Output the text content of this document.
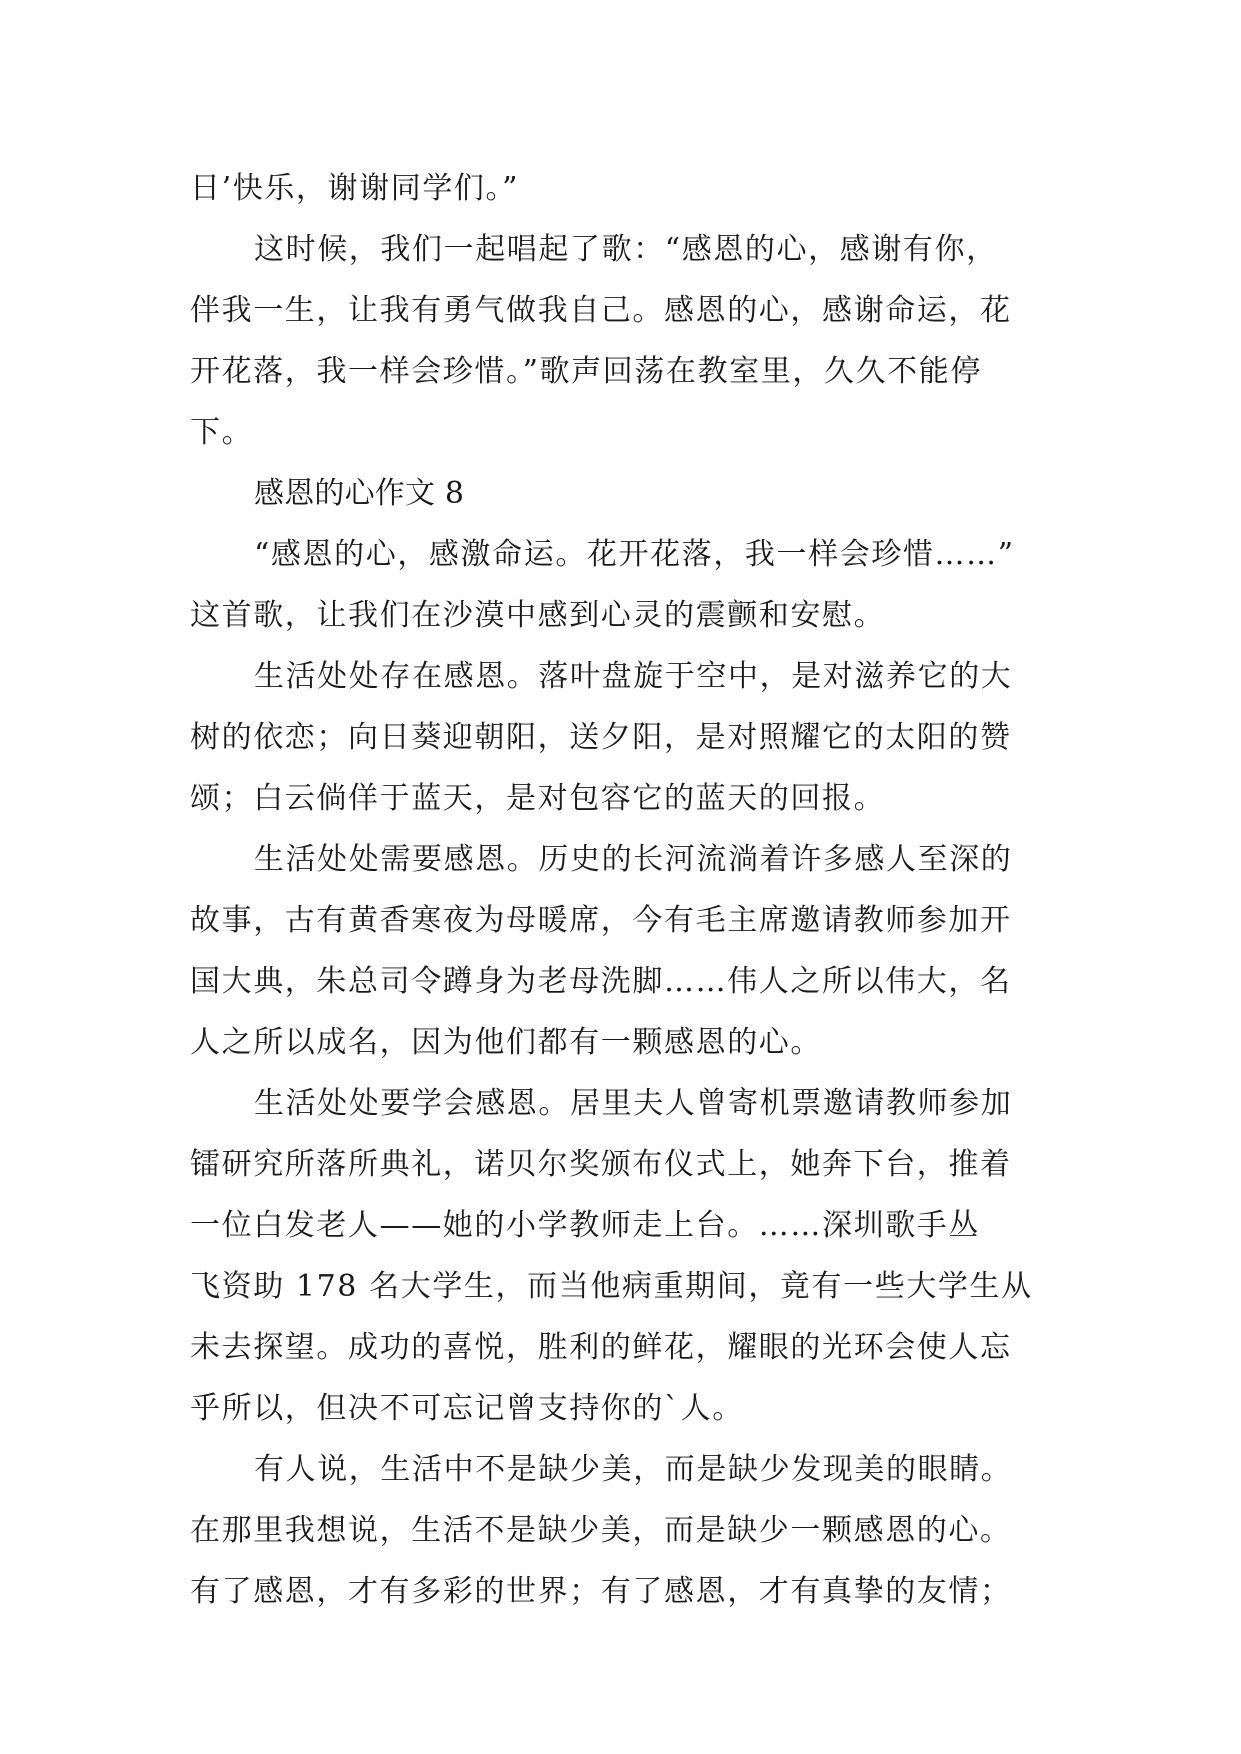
日’快乐，谢谢同学们。”
这时候，我们一起唱起了歌：“感恩的心，感谢有你，
伴我一生，让我有勇气做我自己。感恩的心，感谢命运，花
开花落，我一样会珍惜。”歌声回荡在教室里，久久不能停
下。
感恩的心作文 8
“感恩的心，感激命运。花开花落，我一样会珍惜……”
这首歌，让我们在沙漠中感到心灵的震颤和安慰。
生活处处存在感恩。落叶盘旋于空中，是对滋养它的大
树的依恋；向日葵迎朝阳，送夕阳，是对照耀它的太阳的赞
颂；白云倘佯于蓝天，是对包容它的蓝天的回报。
生活处处需要感恩。历史的长河流淌着许多感人至深的
故事，古有黄香寒夜为母暖席，今有毛主席邀请教师参加开
国大典，朱总司令蹲身为老母洗脚……伟人之所以伟大，名
人之所以成名，因为他们都有一颗感恩的心。
生活处处要学会感恩。居里夫人曾寄机票邀请教师参加
镭研究所落所典礼，诺贝尔奖颁布仪式上，她奔下台，推着
一位白发老人——她的小学教师走上台。……深圳歌手丛
飞资助 178 名大学生，而当他病重期间，竟有一些大学生从
未去探望。成功的喜悦，胜利的鲜花，耀眼的光环会使人忘
乎所以，但决不可忘记曾支持你的`人。
有人说，生活中不是缺少美，而是缺少发现美的眼睛。
在那里我想说，生活不是缺少美，而是缺少一颗感恩的心。
有了感恩，才有多彩的世界；有了感恩，才有真挚的友情；
